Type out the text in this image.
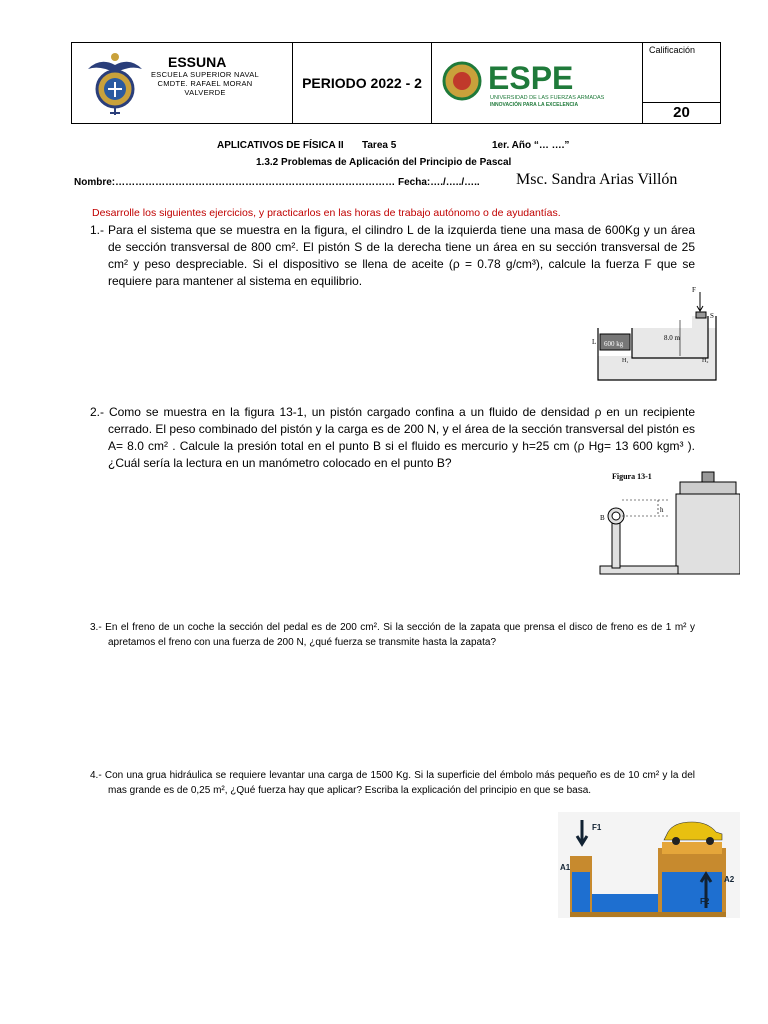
ESSUNA
ESCUELA SUPERIOR NAVAL
CMDTE. RAFAEL MORAN
VALVERDE
PERIODO 2022 - 2 ESPE
UNIVERSIDAD DE LAS FUERZAS ARMADAS
INNOVACIÓN PARA LA EXCELENCIA
Calificación
20
APLICATIVOS DE FÍSICA II Tarea 5	1er. Año “… ….”
1.3.2 Problemas de Aplicación del Principio de Pascal
Nombre:………………………………………………………………………… Fecha:…./…../….. Msc. Sandra Arias Villón
Desarrolle los siguientes ejercicios, y practicarlos en las horas de trabajo autónomo o de ayudantías.
1.- Para el sistema que se muestra en la figura, el cilindro L de la izquierda tiene una masa de 600Kg y un área de sección transversal de 800 cm². El pistón S de la derecha tiene un área en su sección transversal de 25 cm² y peso despreciable. Si el dispositivo se llena de aceite (ρ = 0.78 g/cm³), calcule la fuerza F que se requiere para mantener al sistema en equilibrio.
600 kg
F
S
L	8.0 m
H₁	H₂
2.- Como se muestra en la figura 13-1, un pistón cargado confina a un fluido de densidad ρ en un recipiente cerrado. El peso combinado del pistón y la carga es de 200 N, y el área de la sección transversal del pistón es A= 8.0 cm² . Calcule la presión total en el punto B si el fluido es mercurio y h=25 cm (ρ Hg= 13 600 kgm³ ). ¿Cuál sería la lectura en un manómetro colocado en el punto B?
Figura 13-1
B
h
3.- En el freno de un coche la sección del pedal es de 200 cm². Si la sección de la zapata que prensa el disco de freno es de 1 m² y apretamos el freno con una fuerza de 200 N, ¿qué fuerza se transmite hasta la zapata?
4.- Con una grua hidráulica se requiere levantar una carga de 1500 Kg. Si la superficie del émbolo más pequeño es de 10 cm² y la del mas grande es de 0,25 m², ¿Qué fuerza hay que aplicar? Escriba la explicación del principio en que se basa.
F1
A1
A2
F2
